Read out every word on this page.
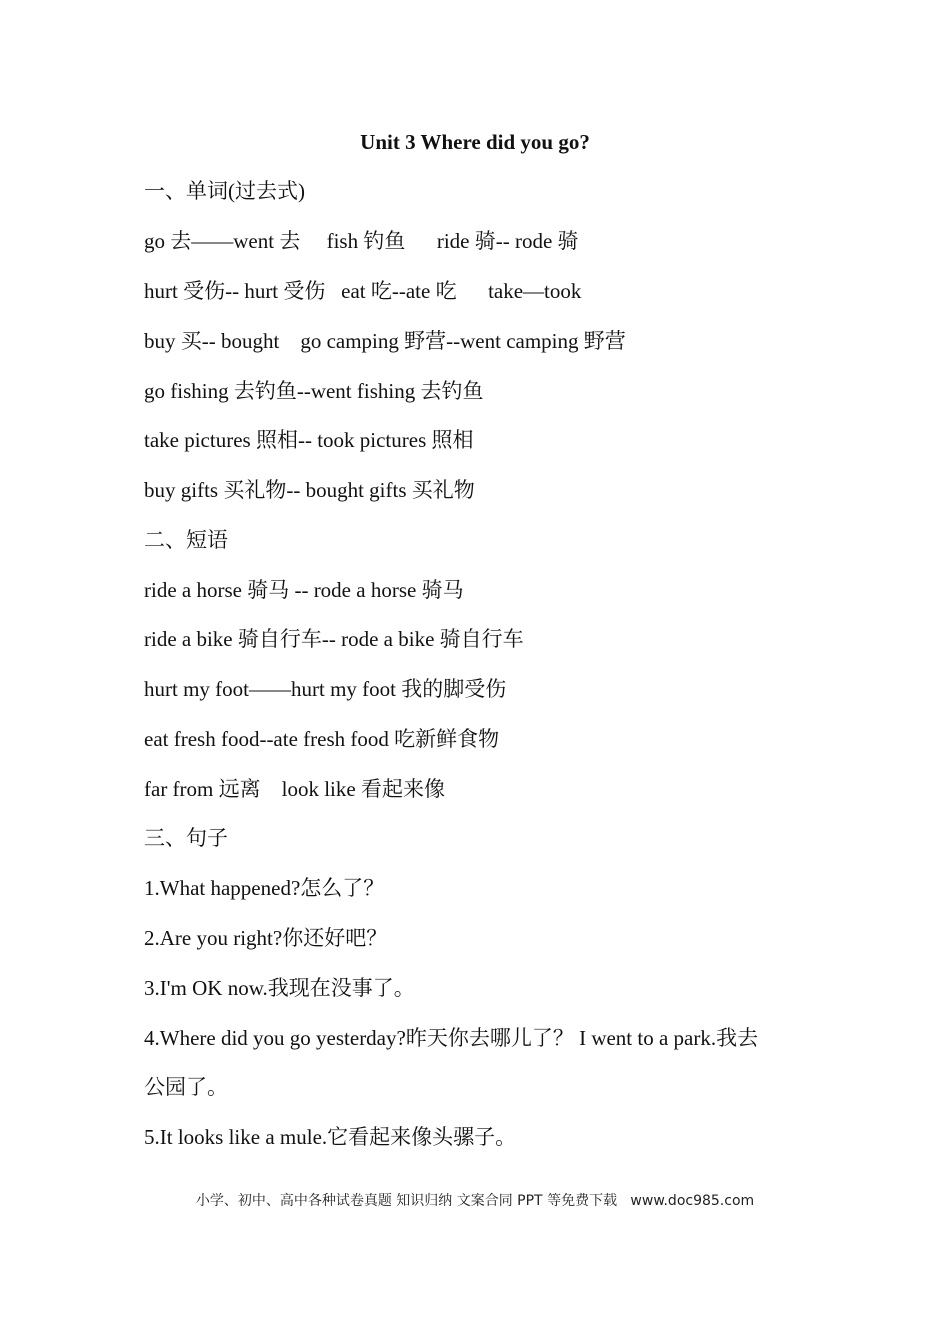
Unit 3 Where did you go?
一、单词(过去式)
go 去——went 去     fish 钓鱼      ride 骑-- rode 骑
hurt 受伤-- hurt 受伤   eat 吃--ate 吃      take—took
buy 买-- bought    go camping 野营--went camping 野营
go fishing 去钓鱼--went fishing 去钓鱼
take pictures 照相-- took pictures 照相
buy gifts 买礼物-- bought gifts 买礼物
二、短语
ride a horse 骑马 -- rode a horse 骑马
ride a bike 骑自行车-- rode a bike 骑自行车
hurt my foot——hurt my foot 我的脚受伤
eat fresh food--ate fresh food 吃新鲜食物
far from 远离    look like 看起来像
三、句子
1.What happened?怎么了？
2.Are you right?你还好吧？
3.I'm OK now.我现在没事了。
4.Where did you go yesterday?昨天你去哪儿了？ I went to a park.我去
公园了。
5.It looks like a mule.它看起来像头骡子。
小学、初中、高中各种试卷真题 知识归纳 文案合同 PPT 等免费下载   www.doc985.com
